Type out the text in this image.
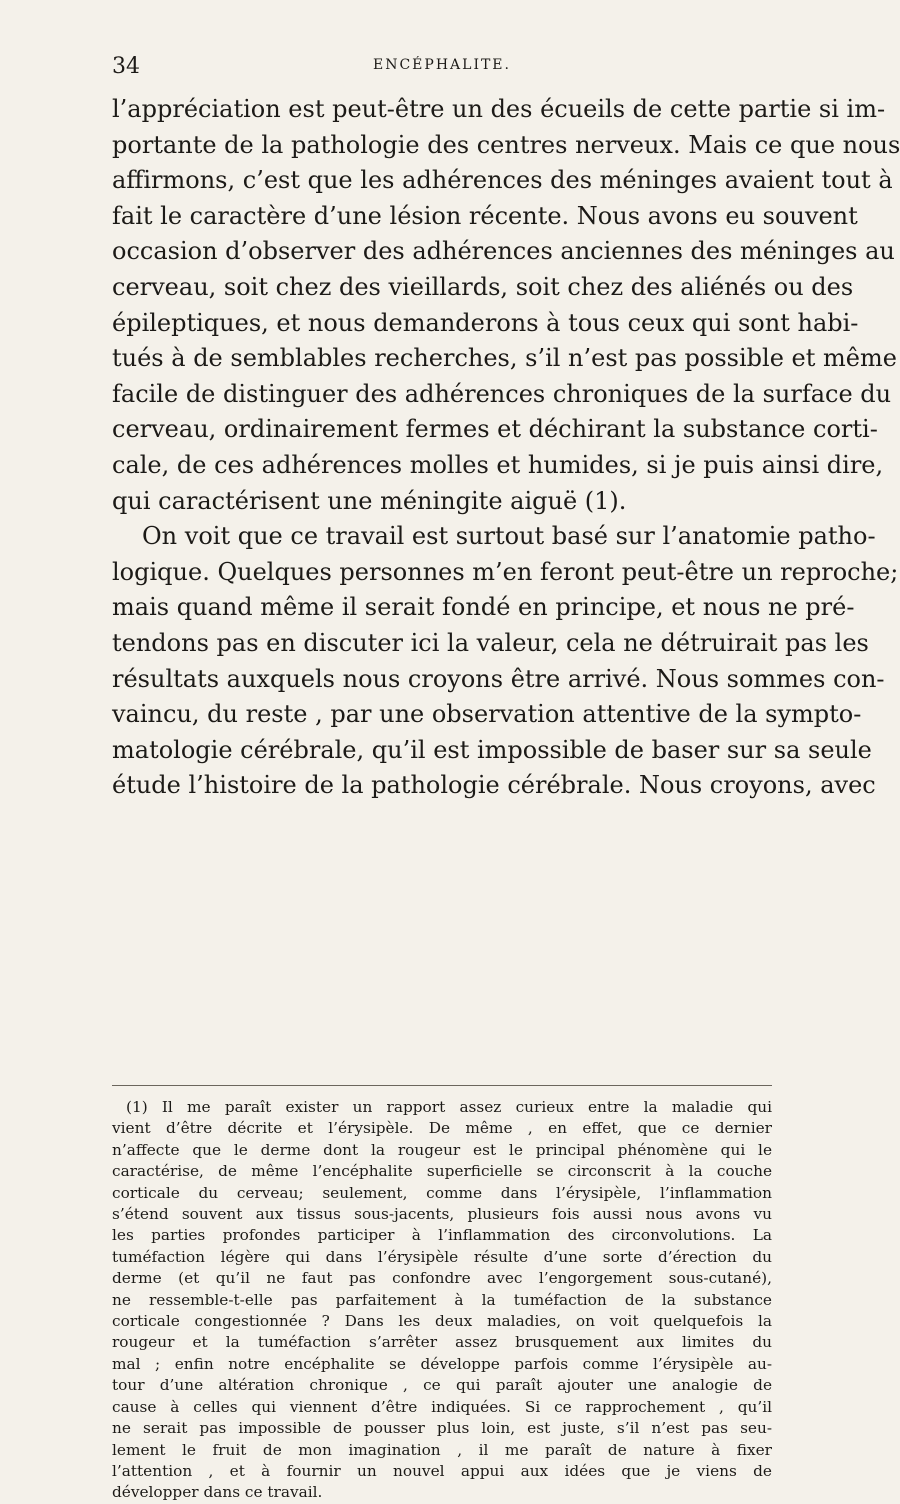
34	ENCÉPHALITE.
l’appréciation est peut-être un des écueils de cette partie si im-
portante de la pathologie des centres nerveux. Mais ce que nous
affirmons, c’est que les adhérences des méninges avaient tout à
fait le caractère d’une lésion récente. Nous avons eu souvent
occasion d’observer des adhérences anciennes des méninges au
cerveau, soit chez des vieillards, soit chez des aliénés ou des
épileptiques, et nous demanderons à tous ceux qui sont habi-
tués à de semblables recherches, s’il n’est pas possible et même
facile de distinguer des adhérences chroniques de la surface du
cerveau, ordinairement fermes et déchirant la substance corti-
cale, de ces adhérences molles et humides, si je puis ainsi dire,
qui caractérisent une méningite aiguë (1).
On voit que ce travail est surtout basé sur l’anatomie patho-
logique. Quelques personnes m’en feront peut-être un reproche;
mais quand même il serait fondé en principe, et nous ne pré-
tendons pas en discuter ici la valeur, cela ne détruirait pas les
résultats auxquels nous croyons être arrivé. Nous sommes con-
vaincu, du reste , par une observation attentive de la sympto-
matologie cérébrale, qu’il est impossible de baser sur sa seule
étude l’histoire de la pathologie cérébrale. Nous croyons, avec
(1) Il me paraît exister un rapport assez curieux entre la maladie qui
vient d’être décrite et l’érysipèle. De même , en effet, que ce dernier
n’affecte que le derme dont la rougeur est le principal phénomène qui le
caractérise, de même l’encéphalite superficielle se circonscrit à la couche
corticale du cerveau; seulement, comme dans l’érysipèle, l’inflammation
s’étend souvent aux tissus sous-jacents, plusieurs fois aussi nous avons vu
les parties profondes participer à l’inflammation des circonvolutions. La
tuméfaction légère qui dans l’érysipèle résulte d’une sorte d’érection du
derme (et qu’il ne faut pas confondre avec l’engorgement sous-cutané),
ne ressemble-t-elle pas parfaitement à la tuméfaction de la substance
corticale congestionnée ? Dans les deux maladies, on voit quelquefois la
rougeur et la tuméfaction s’arrêter assez brusquement aux limites du
mal ; enfin notre encéphalite se développe parfois comme l’érysipèle au-
tour d’une altération chronique , ce qui paraît ajouter une analogie de
cause à celles qui viennent d’être indiquées. Si ce rapprochement , qu’il
ne serait pas impossible de pousser plus loin, est juste, s’il n’est pas seu-
lement le fruit de mon imagination , il me paraît de nature à fixer
l’attention , et à fournir un nouvel appui aux idées que je viens de
développer dans ce travail.
